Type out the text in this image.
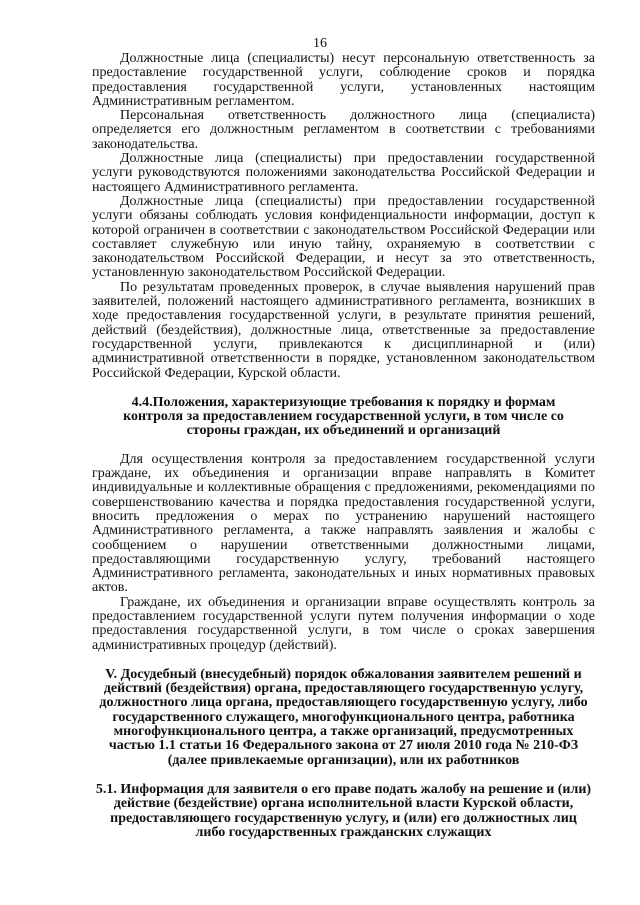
16

Должностные лица (специалисты) несут персональную ответственность за предоставление государственной услуги, соблюдение сроков и порядка предоставления государственной услуги, установленных настоящим Административным регламентом.

Персональная ответственность должностного лица (специалиста) определяется его должностным регламентом в соответствии с требованиями законодательства.

Должностные лица (специалисты) при предоставлении государственной услуги руководствуются положениями законодательства Российской Федерации и настоящего Административного регламента.

Должностные лица (специалисты) при предоставлении государственной услуги обязаны соблюдать условия конфиденциальности информации, доступ к которой ограничен в соответствии с законодательством Российской Федерации или составляет служебную или иную тайну, охраняемую в соответствии с законодательством Российской Федерации, и несут за это ответственность, установленную законодательством Российской Федерации.

По результатам проведенных проверок, в случае выявления нарушений прав заявителей, положений настоящего административного регламента, возникших в ходе предоставления государственной услуги, в результате принятия решений, действий (бездействия), должностные лица, ответственные за предоставление государственной услуги, привлекаются к дисциплинарной и (или) административной ответственности в порядке, установленном законодательством Российской Федерации, Курской области.

4.4.Положения, характеризующие требования к порядку и формам контроля за предоставлением государственной услуги, в том числе со стороны граждан, их объединений и организаций

Для осуществления контроля за предоставлением государственной услуги граждане, их объединения и организации вправе направлять в Комитет индивидуальные и коллективные обращения с предложениями, рекомендациями по совершенствованию качества и порядка предоставления государственной услуги, вносить предложения о мерах по устранению нарушений настоящего Административного регламента, а также направлять заявления и жалобы с сообщением о нарушении ответственными должностными лицами, предоставляющими государственную услугу, требований настоящего Административного регламента, законодательных и иных нормативных правовых актов.

Граждане, их объединения и организации вправе осуществлять контроль за предоставлением государственной услуги путем получения информации о ходе предоставления государственной услуги, в том числе о сроках завершения административных процедур (действий).

V. Досудебный (внесудебный) порядок обжалования заявителем решений и действий (бездействия) органа, предоставляющего государственную услугу, должностного лица органа, предоставляющего государственную услугу, либо государственного служащего, многофункционального центра, работника многофункционального центра, а также организаций, предусмотренных частью 1.1 статьи 16 Федерального закона от 27 июля 2010 года № 210-ФЗ (далее привлекаемые организации), или их работников
5.1. Информация для заявителя о его праве подать жалобу на решение и (или) действие (бездействие) органа исполнительной власти Курской области, предоставляющего государственную услугу, и (или) его должностных лиц либо государственных гражданских служащих
